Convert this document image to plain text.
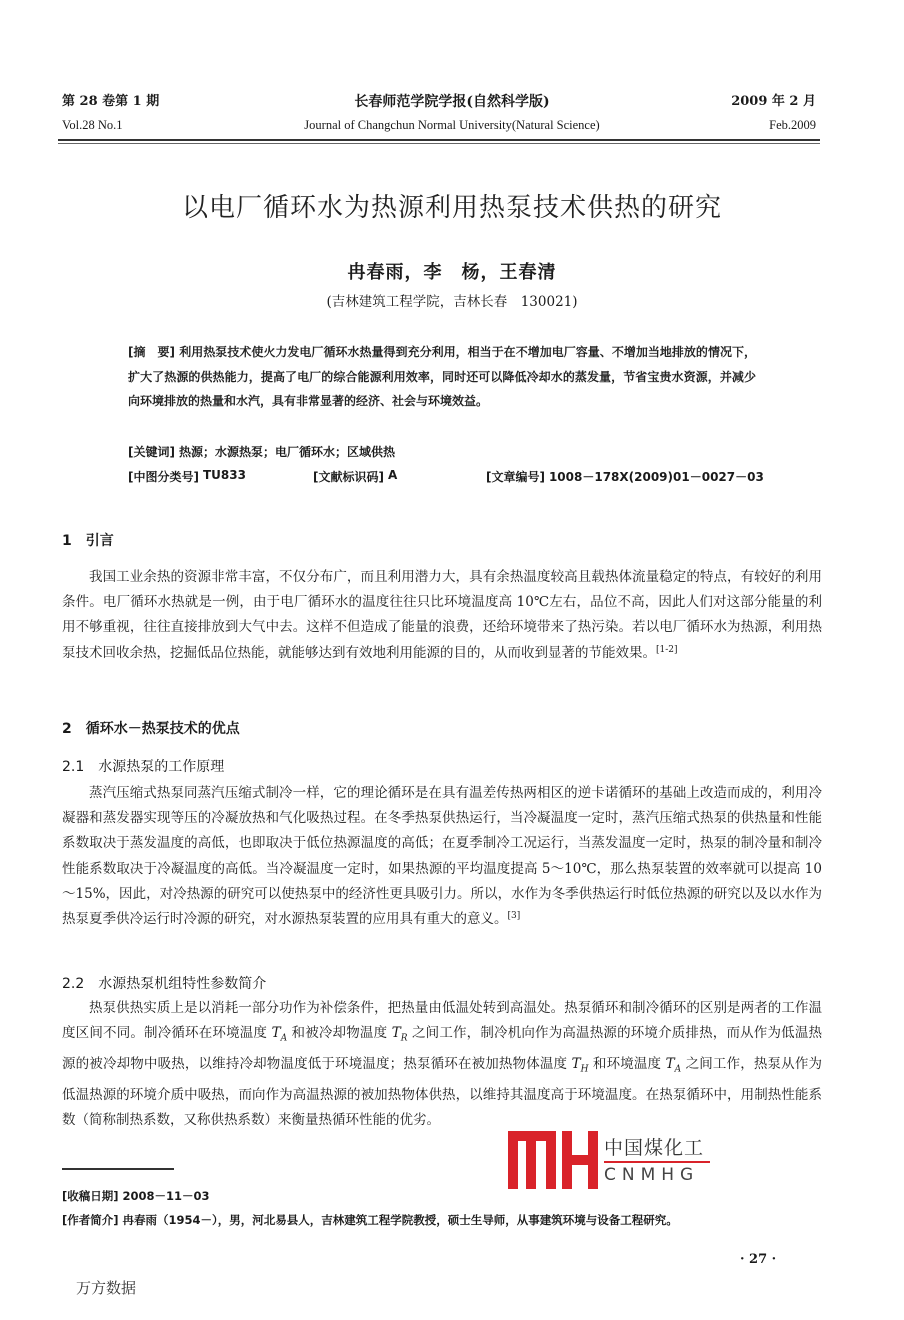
第 28 卷第 1 期
Vol.28 No.1
长春师范学院学报(自然科学版)
Journal of Changchun Normal University(Natural Science)
2009 年 2 月
Feb.2009
以电厂循环水为热源利用热泵技术供热的研究
冉春雨，李　杨，王春清
(吉林建筑工程学院，吉林长春　130021)
[摘　要] 利用热泵技术使火力发电厂循环水热量得到充分利用，相当于在不增加电厂容量、不增加当地排放的情况下，扩大了热源的供热能力，提高了电厂的综合能源利用效率，同时还可以降低冷却水的蒸发量，节省宝贵水资源，并减少向环境排放的热量和水汽，具有非常显著的经济、社会与环境效益。
[关键词] 热源；水源热泵；电厂循环水；区域供热
[中图分类号] TU833	[文献标识码] A	[文章编号] 1008－178X(2009)01－0027－03
1　引言
我国工业余热的资源非常丰富，不仅分布广，而且利用潜力大，具有余热温度较高且载热体流量稳定的特点，有较好的利用条件。电厂循环水热就是一例，由于电厂循环水的温度往往只比环境温度高 10℃左右，品位不高，因此人们对这部分能量的利用不够重视，往往直接排放到大气中去。这样不但造成了能量的浪费，还给环境带来了热污染。若以电厂循环水为热源，利用热泵技术回收余热，挖掘低品位热能，就能够达到有效地利用能源的目的，从而收到显著的节能效果。[1-2]
2　循环水－热泵技术的优点
2.1　水源热泵的工作原理
蒸汽压缩式热泵同蒸汽压缩式制冷一样，它的理论循环是在具有温差传热两相区的逆卡诺循环的基础上改造而成的，利用冷凝器和蒸发器实现等压的冷凝放热和气化吸热过程。在冬季热泵供热运行，当冷凝温度一定时，蒸汽压缩式热泵的供热量和性能系数取决于蒸发温度的高低，也即取决于低位热源温度的高低；在夏季制冷工况运行，当蒸发温度一定时，热泵的制冷量和制冷性能系数取决于冷凝温度的高低。当冷凝温度一定时，如果热源的平均温度提高 5～10℃，那么热泵装置的效率就可以提高 10～15%，因此，对冷热源的研究可以使热泵中的经济性更具吸引力。所以，水作为冬季供热运行时低位热源的研究以及以水作为热泵夏季供冷运行时冷源的研究，对水源热泵装置的应用具有重大的意义。[3]
2.2　水源热泵机组特性参数简介
热泵供热实质上是以消耗一部分功作为补偿条件，把热量由低温处转到高温处。热泵循环和制冷循环的区别是两者的工作温度区间不同。制冷循环在环境温度 $T_A$ 和被冷却物温度 $T_R$ 之间工作，制冷机向作为高温热源的环境介质排热，而从作为低温热源的被冷却物中吸热，以维持冷却物温度低于环境温度；热泵循环在被加热物体温度 $T_H$ 和环境温度 $T_A$ 之间工作，热泵从作为低温热源的环境介质中吸热，而向作为高温热源的被加热物体供热，以维持其温度高于环境温度。在热泵循环中，用制热性能系数（简称制热系数，又称供热系数）来衡量热循环性能的优劣。
[收稿日期] 2008－11－03
[作者简介] 冉春雨（1954－），男，河北易县人，吉林建筑工程学院教授，硕士生导师，从事建筑环境与设备工程研究。
中国煤化工
CNMHG
· 27 ·
万方数据
